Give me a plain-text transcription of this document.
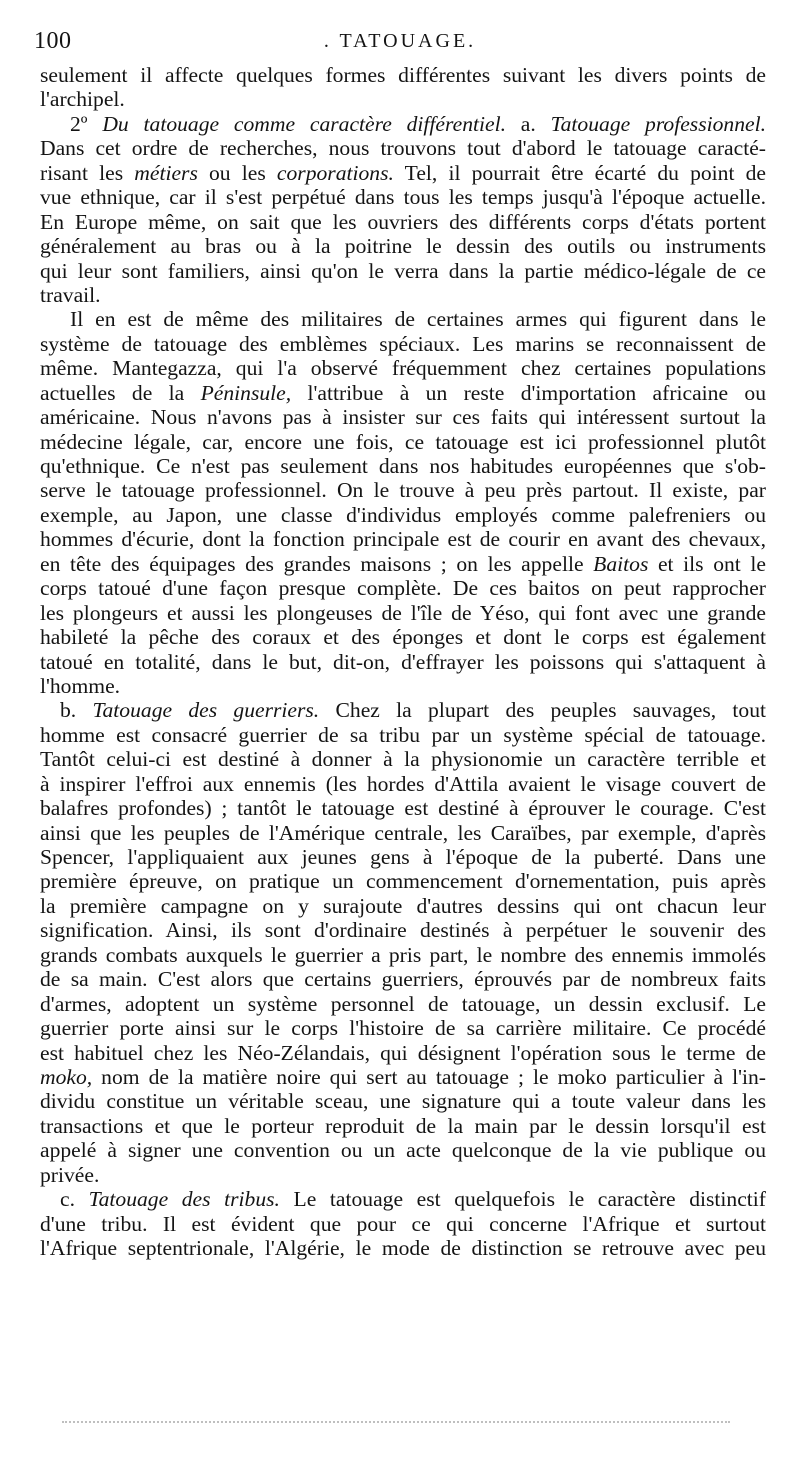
100	. TATOUAGE.
seulement il affecte quelques formes différentes suivant les divers points de
l'archipel.
2º Du tatouage comme caractère différentiel. a. Tatouage professionnel.
Dans cet ordre de recherches, nous trouvons tout d'abord le tatouage caracté-
risant les métiers ou les corporations. Tel, il pourrait être écarté du point de
vue ethnique, car il s'est perpétué dans tous les temps jusqu'à l'époque actuelle.
En Europe même, on sait que les ouvriers des différents corps d'états portent
généralement au bras ou à la poitrine le dessin des outils ou instruments
qui leur sont familiers, ainsi qu'on le verra dans la partie médico-légale de ce
travail.
Il en est de même des militaires de certaines armes qui figurent dans le
système de tatouage des emblèmes spéciaux. Les marins se reconnaissent de
même. Mantegazza, qui l'a observé fréquemment chez certaines populations
actuelles de la Péninsule, l'attribue à un reste d'importation africaine ou
américaine. Nous n'avons pas à insister sur ces faits qui intéressent surtout la
médecine légale, car, encore une fois, ce tatouage est ici professionnel plutôt
qu'ethnique. Ce n'est pas seulement dans nos habitudes européennes que s'ob-
serve le tatouage professionnel. On le trouve à peu près partout. Il existe, par
exemple, au Japon, une classe d'individus employés comme palefreniers ou
hommes d'écurie, dont la fonction principale est de courir en avant des chevaux,
en tête des équipages des grandes maisons ; on les appelle Baitos et ils ont le
corps tatoué d'une façon presque complète. De ces baitos on peut rapprocher
les plongeurs et aussi les plongeuses de l'île de Yéso, qui font avec une grande
habileté la pêche des coraux et des éponges et dont le corps est également
tatoué en totalité, dans le but, dit-on, d'effrayer les poissons qui s'attaquent à
l'homme.
b. Tatouage des guerriers. Chez la plupart des peuples sauvages, tout
homme est consacré guerrier de sa tribu par un système spécial de tatouage.
Tantôt celui-ci est destiné à donner à la physionomie un caractère terrible et
à inspirer l'effroi aux ennemis (les hordes d'Attila avaient le visage couvert de
balafres profondes) ; tantôt le tatouage est destiné à éprouver le courage. C'est
ainsi que les peuples de l'Amérique centrale, les Caraïbes, par exemple, d'après
Spencer, l'appliquaient aux jeunes gens à l'époque de la puberté. Dans une
première épreuve, on pratique un commencement d'ornementation, puis après
la première campagne on y surajoute d'autres dessins qui ont chacun leur
signification. Ainsi, ils sont d'ordinaire destinés à perpétuer le souvenir des
grands combats auxquels le guerrier a pris part, le nombre des ennemis immolés
de sa main. C'est alors que certains guerriers, éprouvés par de nombreux faits
d'armes, adoptent un système personnel de tatouage, un dessin exclusif. Le
guerrier porte ainsi sur le corps l'histoire de sa carrière militaire. Ce procédé
est habituel chez les Néo-Zélandais, qui désignent l'opération sous le terme de
moko, nom de la matière noire qui sert au tatouage ; le moko particulier à l'in-
dividu constitue un véritable sceau, une signature qui a toute valeur dans les
transactions et que le porteur reproduit de la main par le dessin lorsqu'il est
appelé à signer une convention ou un acte quelconque de la vie publique ou
privée.
c. Tatouage des tribus. Le tatouage est quelquefois le caractère distinctif
d'une tribu. Il est évident que pour ce qui concerne l'Afrique et surtout
l'Afrique septentrionale, l'Algérie, le mode de distinction se retrouve avec peu
